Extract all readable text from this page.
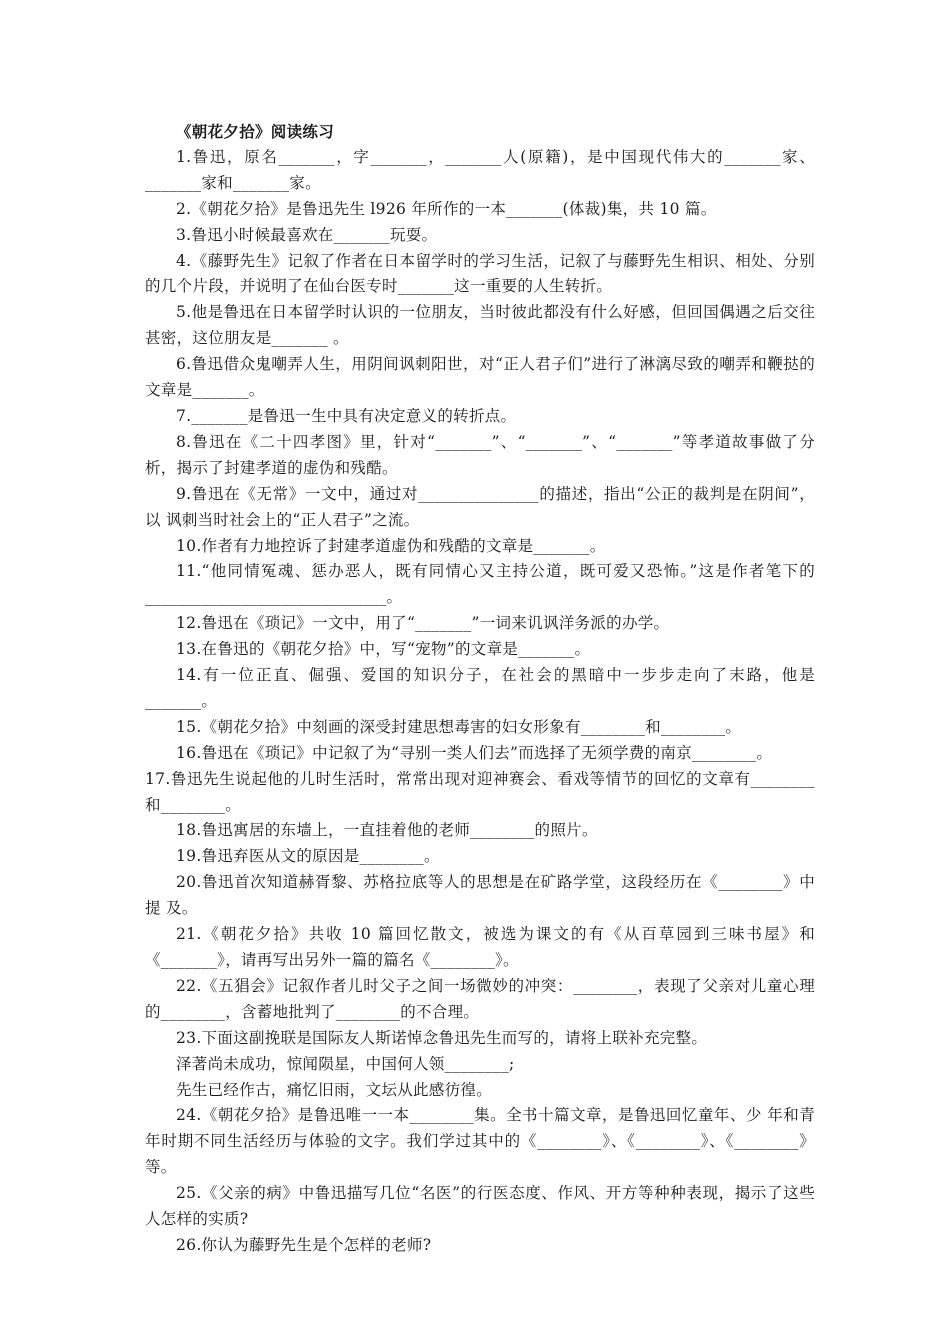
《朝花夕拾》阅读练习

1.鲁迅，原名_______，字_______，_______人(原籍)，是中国现代伟大的_______家、_______家和_______家。

2.《朝花夕拾》是鲁迅先生 l926 年所作的一本_______(体裁)集，共 10 篇。

3.鲁迅小时候最喜欢在_______玩耍。

4.《藤野先生》记叙了作者在日本留学时的学习生活，记叙了与藤野先生相识、相处、分别的几个片段，并说明了在仙台医专时_______这一重要的人生转折。

5.他是鲁迅在日本留学时认识的一位朋友，当时彼此都没有什么好感，但回国偶遇之后交往甚密，这位朋友是_______ 。

6.鲁迅借众鬼嘲弄人生，用阴间讽刺阳世，对“正人君子们”进行了淋漓尽致的嘲弄和鞭挞的文章是_______。

7._______是鲁迅一生中具有决定意义的转折点。

8.鲁迅在《二十四孝图》里，针对“_______”、“_______”、“_______”等孝道故事做了分析，揭示了封建孝道的虚伪和残酷。

9.鲁迅在《无常》一文中，通过对_______________的描述，指出“公正的裁判是在阴间”，以 讽刺当时社会上的“正人君子”之流。

10.作者有力地控诉了封建孝道虚伪和残酷的文章是_______。

11.“他同情冤魂、惩办恶人，既有同情心又主持公道，既可爱又恐怖。”这是作者笔下的______________________________。

12.鲁迅在《琐记》一文中，用了“_______”一词来讥讽洋务派的办学。

13.在鲁迅的《朝花夕拾》中，写“宠物”的文章是_______。

14.有一位正直、倔强、爱国的知识分子，在社会的黑暗中一步步走向了末路，他是_______。

15.《朝花夕拾》中刻画的深受封建思想毒害的妇女形象有________和________。

16.鲁迅在《琐记》中记叙了为“寻别一类人们去”而选择了无须学费的南京________。

17.鲁迅先生说起他的儿时生活时，常常出现对迎神赛会、看戏等情节的回忆的文章有________和________。

18.鲁迅寓居的东墙上，一直挂着他的老师________的照片。

19.鲁迅弃医从文的原因是________。

20.鲁迅首次知道赫胥黎、苏格拉底等人的思想是在矿路学堂，这段经历在《________》中提 及。

21.《朝花夕拾》共收 10 篇回忆散文，被选为课文的有《从百草园到三味书屋》和《_______》，请再写出另外一篇的篇名《________》。

22.《五猖会》记叙作者儿时父子之间一场微妙的冲突：________，表现了父亲对儿童心理的________，含蓄地批判了________的不合理。

23.下面这副挽联是国际友人斯诺悼念鲁迅先生而写的，请将上联补充完整。

泽著尚未成功，惊闻陨星，中国何人领________;

先生已经作古，痛忆旧雨，文坛从此感彷徨。

24.《朝花夕拾》是鲁迅唯一一本________集。全书十篇文章，是鲁迅回忆童年、少 年和青年时期不同生活经历与体验的文字。我们学过其中的《________》、《________》、《________》等。

25.《父亲的病》中鲁迅描写几位“名医”的行医态度、作风、开方等种种表现，揭示了这些 人怎样的实质?

26.你认为藤野先生是个怎样的老师?
